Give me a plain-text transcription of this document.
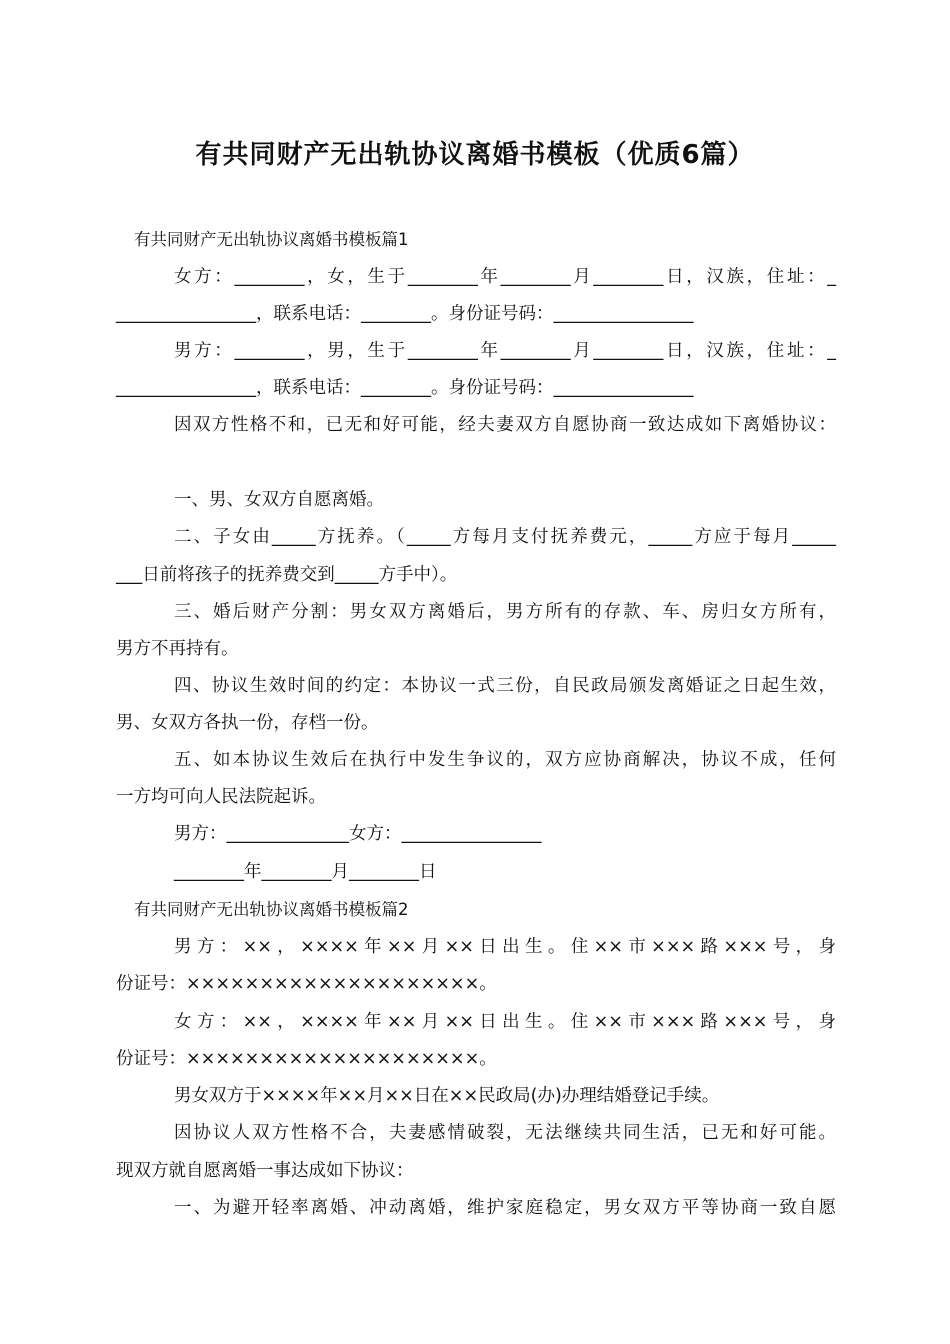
有共同财产无出轨协议离婚书模板（优质6篇）
有共同财产无出轨协议离婚书模板篇1
女方：________，女，生于________年________月________日，汉族，住址：_
________________，联系电话：________。身份证号码：________________
男方：________，男，生于________年________月________日，汉族，住址：_
________________，联系电话：________。身份证号码：________________
因双方性格不和，已无和好可能，经夫妻双方自愿协商一致达成如下离婚协议：
一、男、女双方自愿离婚。
二、子女由_____方抚养。（_____方每月支付抚养费元，_____方应于每月_____
___日前将孩子的抚养费交到_____方手中）。
三、婚后财产分割：男女双方离婚后，男方所有的存款、车、房归女方所有，
男方不再持有。
四、协议生效时间的约定：本协议一式三份，自民政局颁发离婚证之日起生效，
男、女双方各执一份，存档一份。
五、如本协议生效后在执行中发生争议的，双方应协商解决，协议不成，任何
一方均可向人民法院起诉。
男方：______________女方：________________
________年________月________日
有共同财产无出轨协议离婚书模板篇2
男方：××，××××年××月××日出生。住××市×××路×××号，身
份证号：××××××××××××××××××××。
女方：××，××××年××月××日出生。住××市×××路×××号，身
份证号：××××××××××××××××××××。
男女双方于××××年××月××日在××民政局(办)办理结婚登记手续。
因协议人双方性格不合，夫妻感情破裂，无法继续共同生活，已无和好可能。
现双方就自愿离婚一事达成如下协议：
一、为避开轻率离婚、冲动离婚，维护家庭稳定，男女双方平等协商一致自愿
